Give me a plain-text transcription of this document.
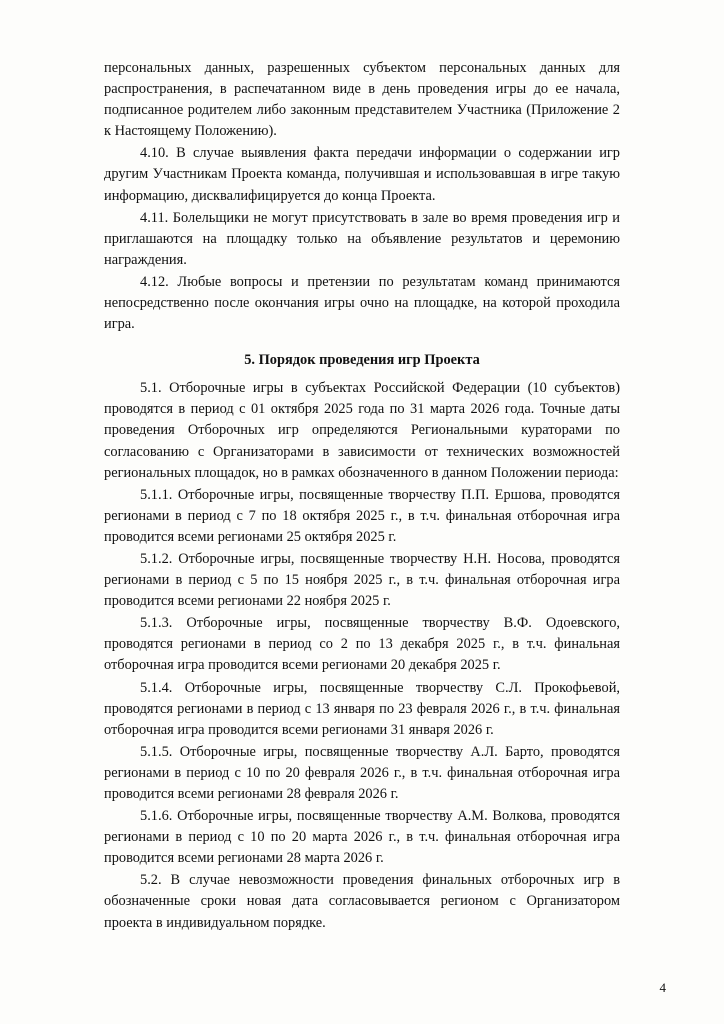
персональных данных, разрешенных субъектом персональных данных для распространения, в распечатанном виде в день проведения игры до ее начала, подписанное родителем либо законным представителем Участника (Приложение 2 к Настоящему Положению).

4.10. В случае выявления факта передачи информации о содержании игр другим Участникам Проекта команда, получившая и использовавшая в игре такую информацию, дисквалифицируется до конца Проекта.

4.11. Болельщики не могут присутствовать в зале во время проведения игр и приглашаются на площадку только на объявление результатов и церемонию награждения.

4.12. Любые вопросы и претензии по результатам команд принимаются непосредственно после окончания игры очно на площадке, на которой проходила игра.

5. Порядок проведения игр Проекта

5.1. Отборочные игры в субъектах Российской Федерации (10 субъектов) проводятся в период с 01 октября 2025 года по 31 марта 2026 года. Точные даты проведения Отборочных игр определяются Региональными кураторами по согласованию с Организаторами в зависимости от технических возможностей региональных площадок, но в рамках обозначенного в данном Положении периода:

5.1.1. Отборочные игры, посвященные творчеству П.П. Ершова, проводятся регионами в период с 7 по 18 октября 2025 г., в т.ч. финальная отборочная игра проводится всеми регионами 25 октября 2025 г.

5.1.2. Отборочные игры, посвященные творчеству Н.Н. Носова, проводятся регионами в период с 5 по 15 ноября 2025 г., в т.ч. финальная отборочная игра проводится всеми регионами 22 ноября 2025 г.

5.1.3. Отборочные игры, посвященные творчеству В.Ф. Одоевского, проводятся регионами в период со 2 по 13 декабря 2025 г., в т.ч. финальная отборочная игра проводится всеми регионами 20 декабря 2025 г.

5.1.4. Отборочные игры, посвященные творчеству С.Л. Прокофьевой, проводятся регионами в период с 13 января по 23 февраля 2026 г., в т.ч. финальная отборочная игра проводится всеми регионами 31 января 2026 г.

5.1.5. Отборочные игры, посвященные творчеству А.Л. Барто, проводятся регионами в период с 10 по 20 февраля 2026 г., в т.ч. финальная отборочная игра проводится всеми регионами 28 февраля 2026 г.

5.1.6. Отборочные игры, посвященные творчеству А.М. Волкова, проводятся регионами в период с 10 по 20 марта 2026 г., в т.ч. финальная отборочная игра проводится всеми регионами 28 марта 2026 г.

5.2. В случае невозможности проведения финальных отборочных игр в обозначенные сроки новая дата согласовывается регионом с Организатором проекта в индивидуальном порядке.

4
